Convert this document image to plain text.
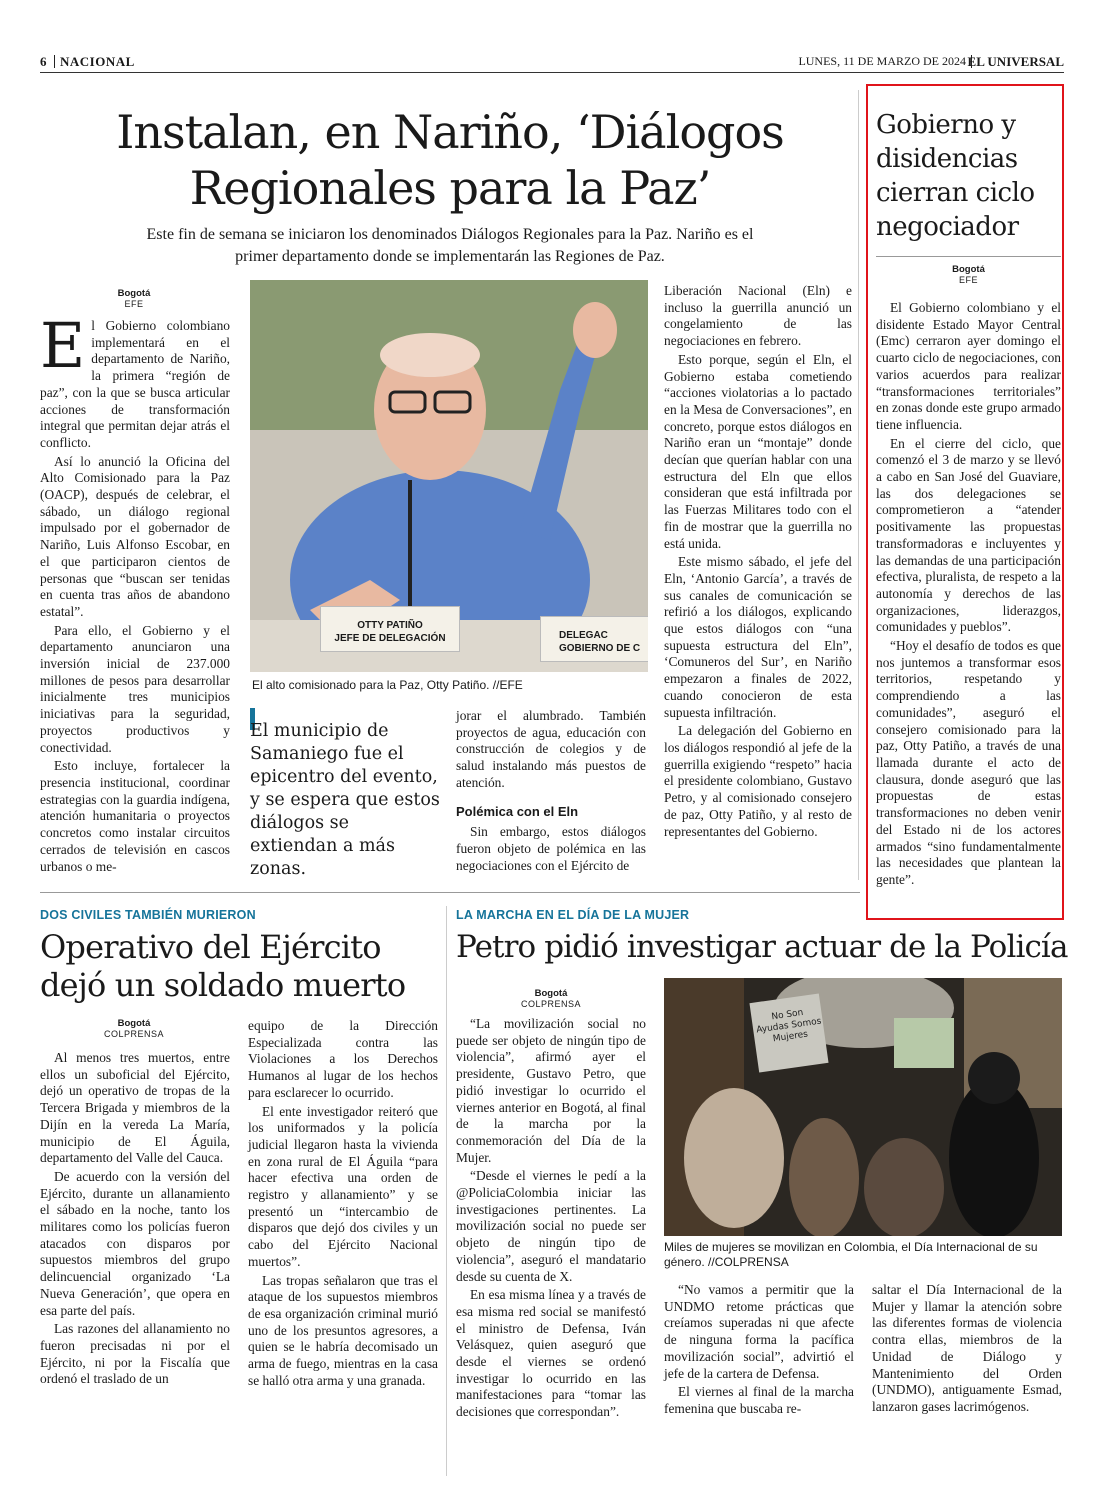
6 NACIONAL	LUNES, 11 DE MARZO DE 2024 EL UNIVERSAL
Instalan, en Nariño, ‘Diálogos
Regionales para la Paz’
Este fin de semana se iniciaron los denominados Diálogos Regionales para la Paz. Nariño es el
primer departamento donde se implementarán las Regiones de Paz.
Bogotá
EFE
E l Gobierno colombiano implementará en el departamento de Nariño, la primera “región de paz”, con la que se busca articular acciones de transformación integral que permitan dejar atrás el conflicto.

Así lo anunció la Oficina del Alto Comisionado para la Paz (OACP), después de celebrar, el sábado, un diálogo regional impulsado por el gobernador de Nariño, Luis Alfonso Escobar, en el que participaron cientos de personas que “buscan ser tenidas en cuenta tras años de abandono estatal”.

Para ello, el Gobierno y el departamento anunciaron una inversión inicial de 237.000 millones de pesos para desarrollar inicialmente tres municipios iniciativas para la seguridad, proyectos productivos y conectividad.

Esto incluye, fortalecer la presencia institucional, coordinar estrategias con la guardia indígena, atención humanitaria o proyectos concretos como instalar circuitos cerrados de televisión en cascos urbanos o me-

OTTY PATIÑO
JEFE DE DELEGACIÓN	DELEGAC
GOBIERNO DE C
El alto comisionado para la Paz, Otty Patiño. //EFE
El municipio de Samaniego fue el epicentro del evento, y se espera que estos diálogos se extiendan a más zonas.

jorar el alumbrado. También proyectos de agua, educación con construcción de colegios y de salud instalando más puestos de atención.

Polémica con el Eln

Sin embargo, estos diálogos fueron objeto de polémica en las negociaciones con el Ejército de

Liberación Nacional (Eln) e incluso la guerrilla anunció un congelamiento de las negociaciones en febrero.

Esto porque, según el Eln, el Gobierno estaba cometiendo “acciones violatorias a lo pactado en la Mesa de Conversaciones”, en concreto, porque estos diálogos en Nariño eran un “montaje” donde decían que querían hablar con una estructura del Eln que ellos consideran que está infiltrada por las Fuerzas Militares todo con el fin de mostrar que la guerrilla no está unida.

Este mismo sábado, el jefe del Eln, ‘Antonio García’, a través de sus canales de comunicación se refirió a los diálogos, explicando que estos diálogos con “una supuesta estructura del Eln”, ‘Comuneros del Sur’, en Nariño empezaron a finales de 2022, cuando conocieron de esta supuesta infiltración.

La delegación del Gobierno en los diálogos respondió al jefe de la guerrilla exigiendo “respeto” hacia el presidente colombiano, Gustavo Petro, y al comisionado consejero de paz, Otty Patiño, y al resto de representantes del Gobierno.

Gobierno y
disidencias
cierran ciclo
negociador
Bogotá
EFE

El Gobierno colombiano y el disidente Estado Mayor Central (Emc) cerraron ayer domingo el cuarto ciclo de negociaciones, con varios acuerdos para realizar “transformaciones territoriales” en zonas donde este grupo armado tiene influencia.

En el cierre del ciclo, que comenzó el 3 de marzo y se llevó a cabo en San José del Guaviare, las dos delegaciones se comprometieron a “atender positivamente las propuestas transformadoras e incluyentes y las demandas de una participación efectiva, pluralista, de respeto a la autonomía y derechos de las organizaciones, liderazgos, comunidades y pueblos”.

“Hoy el desafío de todos es que nos juntemos a transformar esos territorios, respetando y comprendiendo a las comunidades”, aseguró el consejero comisionado para la paz, Otty Patiño, a través de una llamada durante el acto de clausura, donde aseguró que las propuestas de estas transformaciones no deben venir del Estado ni de los actores armados “sino fundamentalmente las necesidades que plantean la gente”.

DOS CIVILES TAMBIÉN MURIERON
Operativo del Ejército
dejó un soldado muerto
Bogotá
COLPRENSA

Al menos tres muertos, entre ellos un suboficial del Ejército, dejó un operativo de tropas de la Tercera Brigada y miembros de la Dijín en la vereda La María, municipio de El Águila, departamento del Valle del Cauca.

De acuerdo con la versión del Ejército, durante un allanamiento el sábado en la noche, tanto los militares como los policías fueron atacados con disparos por supuestos miembros del grupo delincuencial organizado ‘La Nueva Generación’, que opera en esa parte del país.

Las razones del allanamiento no fueron precisadas ni por el Ejército, ni por la Fiscalía que ordenó el traslado de un

equipo de la Dirección Especializada contra las Violaciones a los Derechos Humanos al lugar de los hechos para esclarecer lo ocurrido.

El ente investigador reiteró que los uniformados y la policía judicial llegaron hasta la vivienda en zona rural de El Águila “para hacer efectiva una orden de registro y allanamiento” y se presentó un “intercambio de disparos que dejó dos civiles y un cabo del Ejército Nacional muertos”.

Las tropas señalaron que tras el ataque de los supuestos miembros de esa organización criminal murió uno de los presuntos agresores, a quien se le habría decomisado un arma de fuego, mientras en la casa se halló otra arma y una granada.

LA MARCHA EN EL DÍA DE LA MUJER
Petro pidió investigar actuar de la Policía
Bogotá
COLPRENSA

“La movilización social no puede ser objeto de ningún tipo de violencia”, afirmó ayer el presidente, Gustavo Petro, que pidió investigar lo ocurrido el viernes anterior en Bogotá, al final de la marcha por la conmemoración del Día de la Mujer.

“Desde el viernes le pedí a la @PoliciaColombia iniciar las investigaciones pertinentes. La movilización social no puede ser objeto de ningún tipo de violencia”, aseguró el mandatario desde su cuenta de X.

En esa misma línea y a través de esa misma red social se manifestó el ministro de Defensa, Iván Velásquez, quien aseguró que desde el viernes se ordenó investigar lo ocurrido en las manifestaciones para “tomar las decisiones que correspondan”.

No Son Ayudas Somos Mujeres
Miles de mujeres se movilizan en Colombia, el Día Internacional de su género. //COLPRENSA

“No vamos a permitir que la UNDMO retome prácticas que creíamos superadas ni que afecte de ninguna forma la pacífica movilización social”, advirtió el jefe de la cartera de Defensa.

El viernes al final de la marcha femenina que buscaba re-

saltar el Día Internacional de la Mujer y llamar la atención sobre las diferentes formas de violencia contra ellas, miembros de la Unidad de Diálogo y Mantenimiento del Orden (UNDMO), antiguamente Esmad, lanzaron gases lacrimógenos.
